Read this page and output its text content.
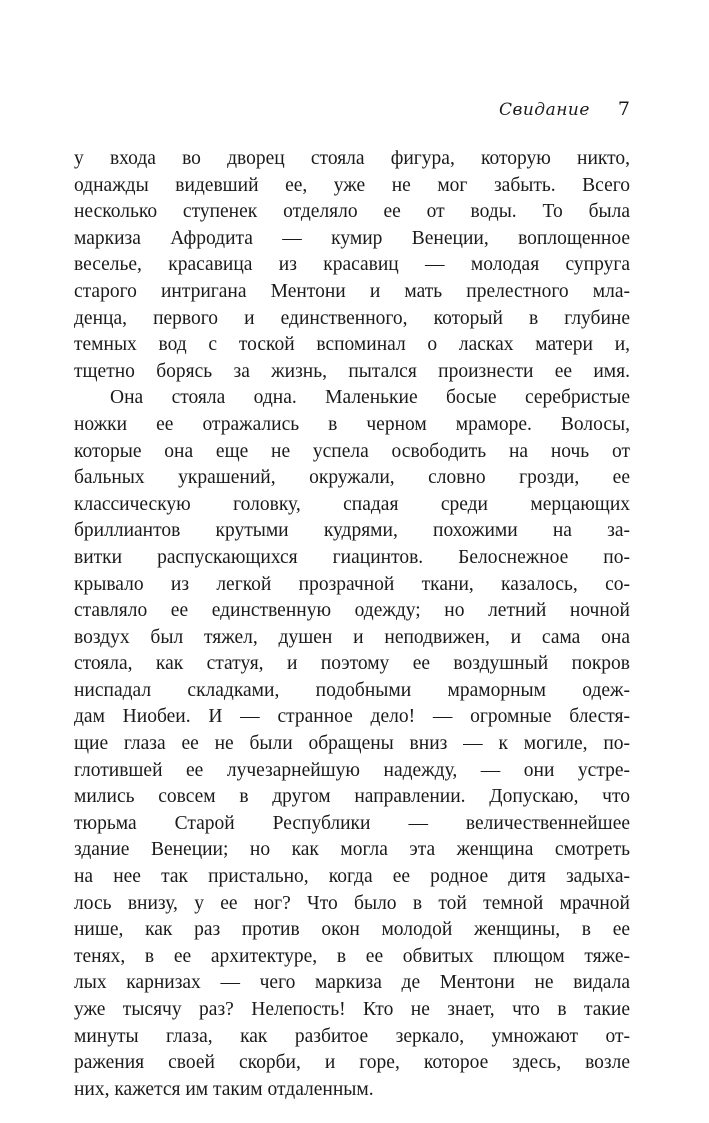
Свидание 7
у входа во дворец стояла фигура, которую никто,
однажды видевший ее, уже не мог забыть. Всего
несколько ступенек отделяло ее от воды. То была
маркиза Афродита — кумир Венеции, воплощенное
веселье, красавица из красавиц — молодая супруга
старого интригана Ментони и мать прелестного мла-
денца, первого и единственного, который в глубине
темных вод с тоской вспоминал о ласках матери и,
тщетно борясь за жизнь, пытался произнести ее имя.
Она стояла одна. Маленькие босые серебристые
ножки ее отражались в черном мраморе. Волосы,
которые она еще не успела освободить на ночь от
бальных украшений, окружали, словно грозди, ее
классическую головку, спадая среди мерцающих
бриллиантов крутыми кудрями, похожими на за-
витки распускающихся гиацинтов. Белоснежное по-
крывало из легкой прозрачной ткани, казалось, со-
ставляло ее единственную одежду; но летний ночной
воздух был тяжел, душен и неподвижен, и сама она
стояла, как статуя, и поэтому ее воздушный покров
ниспадал складками, подобными мраморным одеж-
дам Ниобеи. И — странное дело! — огромные блестя-
щие глаза ее не были обращены вниз — к могиле, по-
глотившей ее лучезарнейшую надежду, — они устре-
мились совсем в другом направлении. Допускаю, что
тюрьма Старой Республики — величественнейшее
здание Венеции; но как могла эта женщина смотреть
на нее так пристально, когда ее родное дитя задыха-
лось внизу, у ее ног? Что было в той темной мрачной
нише, как раз против окон молодой женщины, в ее
тенях, в ее архитектуре, в ее обвитых плющом тяже-
лых карнизах — чего маркиза де Ментони не видала
уже тысячу раз? Нелепость! Кто не знает, что в такие
минуты глаза, как разбитое зеркало, умножают от-
ражения своей скорби, и горе, которое здесь, возле
них, кажется им таким отдаленным.
